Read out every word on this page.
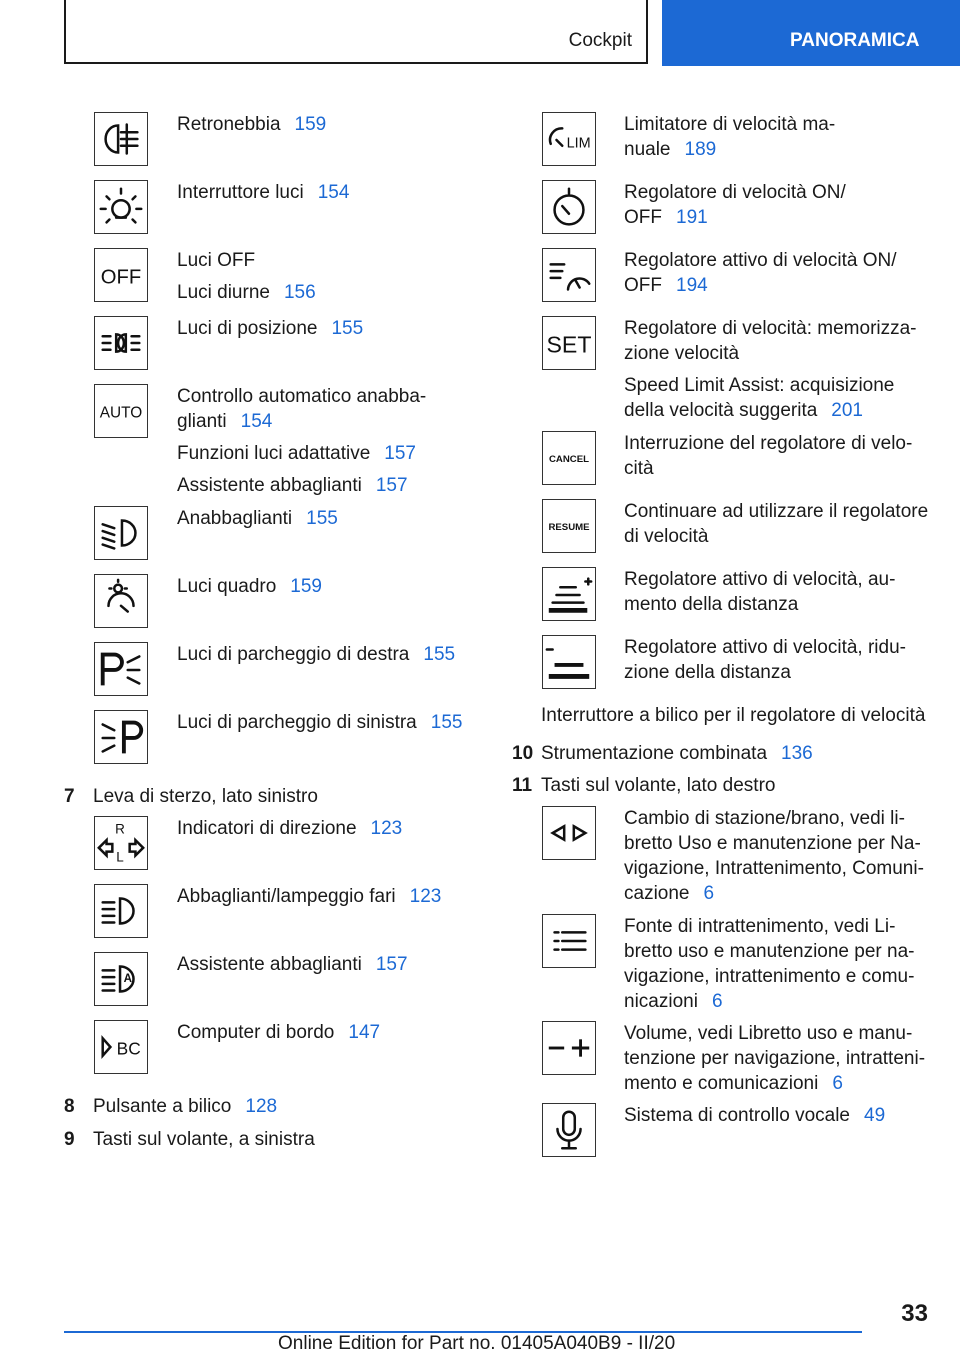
Cockpit	PANORAMICA
Retronebbia 159
Interruttore luci 154
OFF
Luci OFF
Luci diurne 156
Luci di posizione 155
AUTO
Controllo automatico anabba-
glianti 154
Funzioni luci adattative 157
Assistente abbaglianti 157
Anabbaglianti 155
Luci quadro 159
Luci di parcheggio di destra 155
Luci di parcheggio di sinistra 155
7 Leva di sterzo, lato sinistro
R
L
Indicatori di direzione 123
Abbaglianti/lampeggio fari 123
A
Assistente abbaglianti 157
BC
Computer di bordo 147
8 Pulsante a bilico 128
9 Tasti sul volante, a sinistra
LIM
Limitatore di velocità ma-
nuale 189
Regolatore di velocità ON/
OFF 191
Regolatore attivo di velocità ON/
OFF 194
SET
Regolatore di velocità: memorizza-
zione velocità
Speed Limit Assist: acquisizione
della velocità suggerita 201
CANCEL
Interruzione del regolatore di velo-
cità
RESUME
Continuare ad utilizzare il regolatore
di velocità
Regolatore attivo di velocità, au-
mento della distanza
Regolatore attivo di velocità, ridu-
zione della distanza
Interruttore a bilico per il regolatore di velocità
10 Strumentazione combinata 136
11 Tasti sul volante, lato destro
Cambio di stazione/brano, vedi li-
bretto Uso e manutenzione per Na-
vigazione, Intrattenimento, Comuni-
cazione 6
Fonte di intrattenimento, vedi Li-
bretto uso e manutenzione per na-
vigazione, intrattenimento e comu-
nicazioni 6
Volume, vedi Libretto uso e manu-
tenzione per navigazione, intratteni-
mento e comunicazioni 6
Sistema di controllo vocale 49
33
Online Edition for Part no. 01405A040B9 - II/20
